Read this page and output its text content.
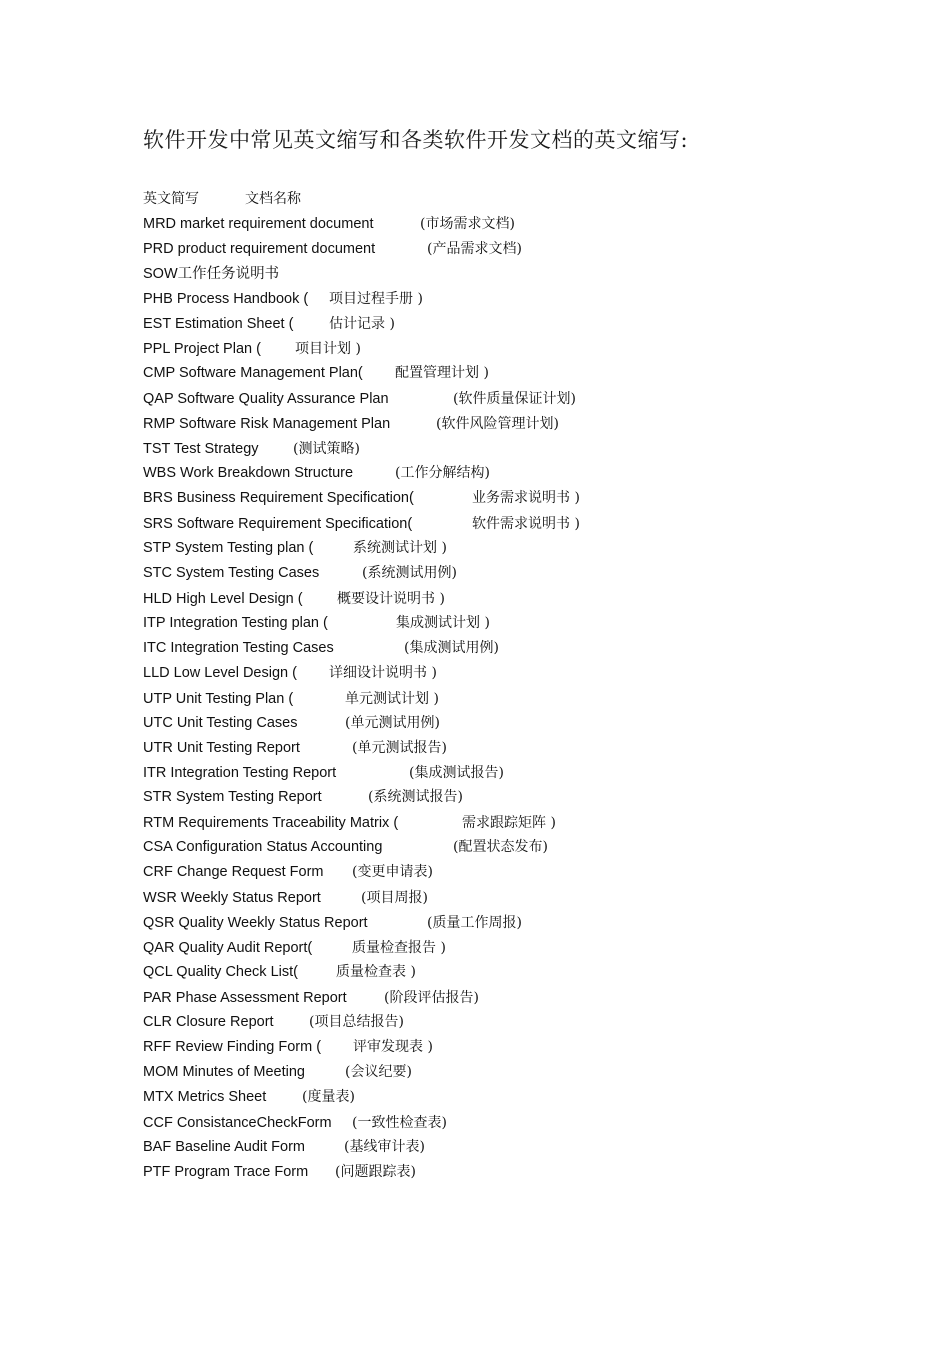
软件开发中常见英文缩写和各类软件开发文档的英文缩写:
英文简写	文档名称
MRD market requirement document	(市场需求文档)
PRD product requirement document	(产品需求文档)
SOW工作任务说明书
PHB Process Handbook ( 项目过程手册 )
EST Estimation Sheet (	估计记录 )
PPL Project Plan ( 项目计划 )
CMP Software Management Plan( 配置管理计划 )
QAP Software Quality Assurance Plan	(软件质量保证计划)
RMP Software Risk Management Plan	(软件风险管理计划)
TST Test Strategy (测试策略)
WBS Work Breakdown Structure	(工作分解结构)
BRS Business Requirement Specification(	业务需求说明书 )
SRS Software Requirement Specification(	软件需求说明书 )
STP System Testing plan (	系统测试计划 )
STC System Testing Cases	(系统测试用例)
HLD High Level Design ( 概要设计说明书 )
ITP Integration Testing plan (	集成测试计划 )
ITC Integration Testing Cases	(集成测试用例)
LLD Low Level Design ( 详细设计说明书 )
UTP Unit Testing Plan (	单元测试计划 )
UTC Unit Testing Cases	(单元测试用例)
UTR Unit Testing Report	(单元测试报告)
ITR Integration Testing Report	(集成测试报告)
STR System Testing Report	(系统测试报告)
RTM Requirements Traceability Matrix (	需求跟踪矩阵 )
CSA Configuration Status Accounting	(配置状态发布)
CRF Change Request Form (变更申请表)
WSR Weekly Status Report	(项目周报)
QSR Quality Weekly Status Report	(质量工作周报)
QAR Quality Audit Report(	质量检查报告 )
QCL Quality Check List(	质量检查表 )
PAR Phase Assessment Report	(阶段评估报告)
CLR Closure Report	(项目总结报告)
RFF Review Finding Form ( 评审发现表 )
MOM Minutes of Meeting	(会议纪要)
MTX Metrics Sheet	(度量表)
CCF ConsistanceCheckForm (一致性检查表)
BAF Baseline Audit Form	(基线审计表)
PTF Program Trace Form (问题跟踪表)
